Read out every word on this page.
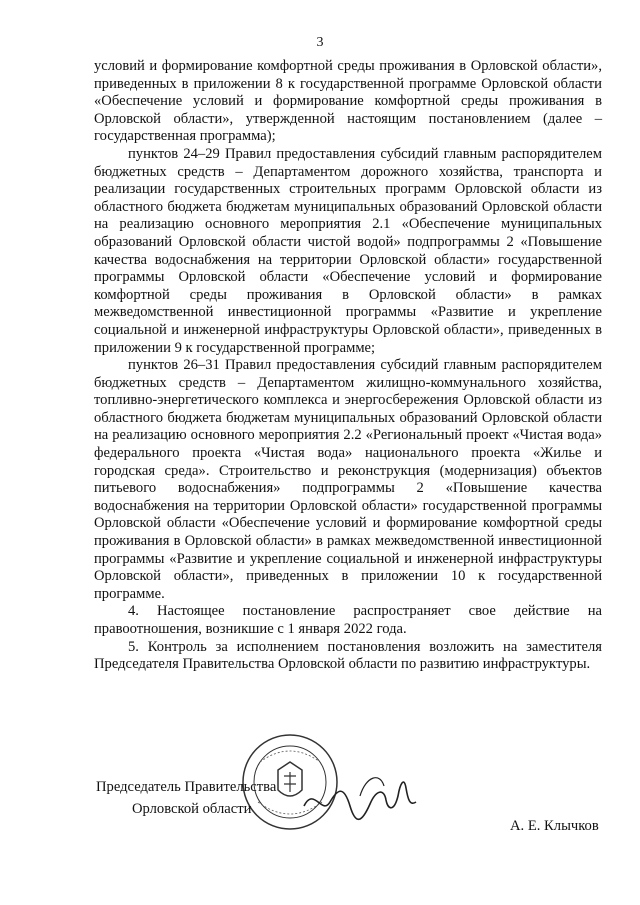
3

условий и формирование комфортной среды проживания в Орловской области», приведенных в приложении 8 к государственной программе Орловской области «Обеспечение условий и формирование комфортной среды проживания в Орловской области», утвержденной настоящим постановлением (далее – государственная программа);

пунктов 24–29 Правил предоставления субсидий главным распорядителем бюджетных средств – Департаментом дорожного хозяйства, транспорта и реализации государственных строительных программ Орловской области из областного бюджета бюджетам муниципальных образований Орловской области на реализацию основного мероприятия 2.1 «Обеспечение муниципальных образований Орловской области чистой водой» подпрограммы 2 «Повышение качества водоснабжения на территории Орловской области» государственной программы Орловской области «Обеспечение условий и формирование комфортной среды проживания в Орловской области» в рамках межведомственной инвестиционной программы «Развитие и укрепление социальной и инженерной инфраструктуры Орловской области», приведенных в приложении 9 к государственной программе;

пунктов 26–31 Правил предоставления субсидий главным распорядителем бюджетных средств – Департаментом жилищно-коммунального хозяйства, топливно-энергетического комплекса и энергосбережения Орловской области из областного бюджета бюджетам муниципальных образований Орловской области на реализацию основного мероприятия 2.2 «Региональный проект «Чистая вода» федерального проекта «Чистая вода» национального проекта «Жилье и городская среда». Строительство и реконструкция (модернизация) объектов питьевого водоснабжения» подпрограммы 2 «Повышение качества водоснабжения на территории Орловской области» государственной программы Орловской области «Обеспечение условий и формирование комфортной среды проживания в Орловской области» в рамках межведомственной инвестиционной программы «Развитие и укрепление социальной и инженерной инфраструктуры Орловской области», приведенных в приложении 10 к государственной программе.

4. Настоящее постановление распространяет свое действие на правоотношения, возникшие с 1 января 2022 года.

5. Контроль за исполнением постановления возложить на заместителя Председателя Правительства Орловской области по развитию инфраструктуры.

Председатель Правительства
Орловской области
А. Е. Клычков
